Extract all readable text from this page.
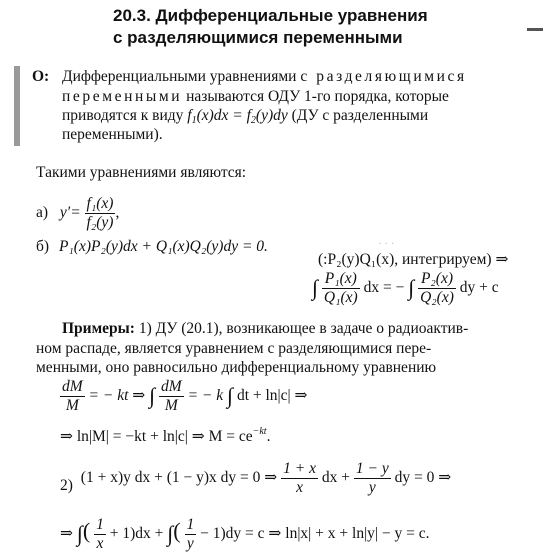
20.3. Дифференциальные уравнения
с разделяющимися переменными
О: Дифференциальными уравнениями с разделяющимися
переменными называются ОДУ 1-го порядка, которые
приводятся к виду $f_1(x)dx = f_2(y)dy$ (ДУ с разделенными
переменными).
Такими уравнениями являются:
а) $y'= \frac{\text{f₁(x)}}{\text{f₂(y)}}$ ,
б) P₁(x)P₂(y)dx + Q₁(x)Q₂(y)dy = 0.	· · ·
(:P₂(y)Q₁(x), интегрируем) ⇒
∫ $\frac{\text{P₁(x)}}{\text{Q₁(x)}}$ dx = − ∫ $\frac{\text{P₂(x)}}{\text{Q₂(x)}}$ dy + c
Примеры: 1) ДУ (20.1), возникающее в задаче о радиоактив-
ном распаде, является уравнением с разделяющимися пере-
менными, оно равносильно дифференциальному уравнению
$\frac{dM}{M}$ = − kt ⇒ ∫ $\frac{dM}{M}$ = − k ∫ dt + ln|c| ⇒
⇒ ln|M| = −kt + ln|c| ⇒ $M = ce^{-kt}$.
2) (1 + x)y dx + (1 − y)x dy = 0 ⇒ $\frac{1 + x}{x}$ dx + $\frac{1 - y}{y}$ dy = 0 ⇒
⇒ ∫( $\frac{1}{x} + 1)dx$ + ∫( $\frac{1}{y} - 1)dy = c$ ⇒ ln|x| + x + ln|y| − y = c.
